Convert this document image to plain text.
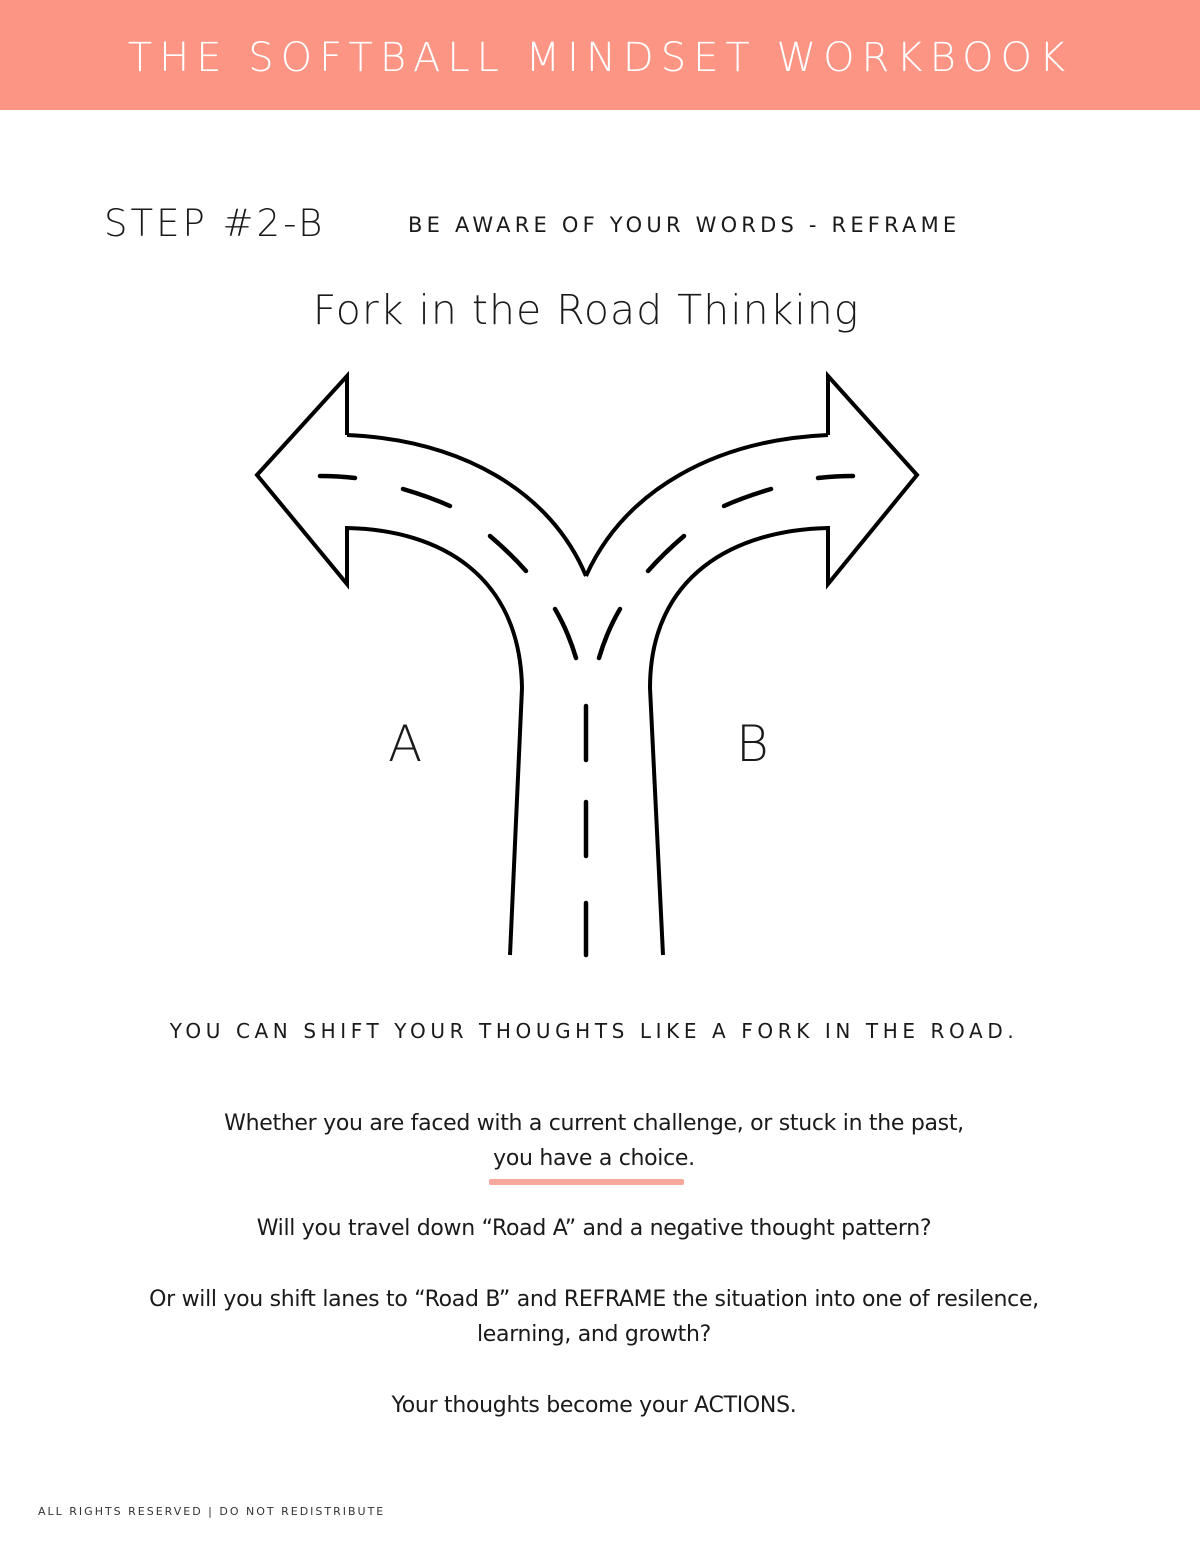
THE SOFTBALL MINDSET WORKBOOK
STEP #2-B	BE AWARE OF YOUR WORDS - REFRAME
Fork in the Road Thinking
A	B
YOU CAN SHIFT YOUR THOUGHTS LIKE A FORK IN THE ROAD.
Whether you are faced with a current challenge, or stuck in the past,
you have a choice.
Will you travel down “Road A” and a negative thought pattern?
Or will you shift lanes to “Road B” and REFRAME the situation into one of resilence,
learning, and growth?
Your thoughts become your ACTIONS.
ALL RIGHTS RESERVED | DO NOT REDISTRIBUTE
